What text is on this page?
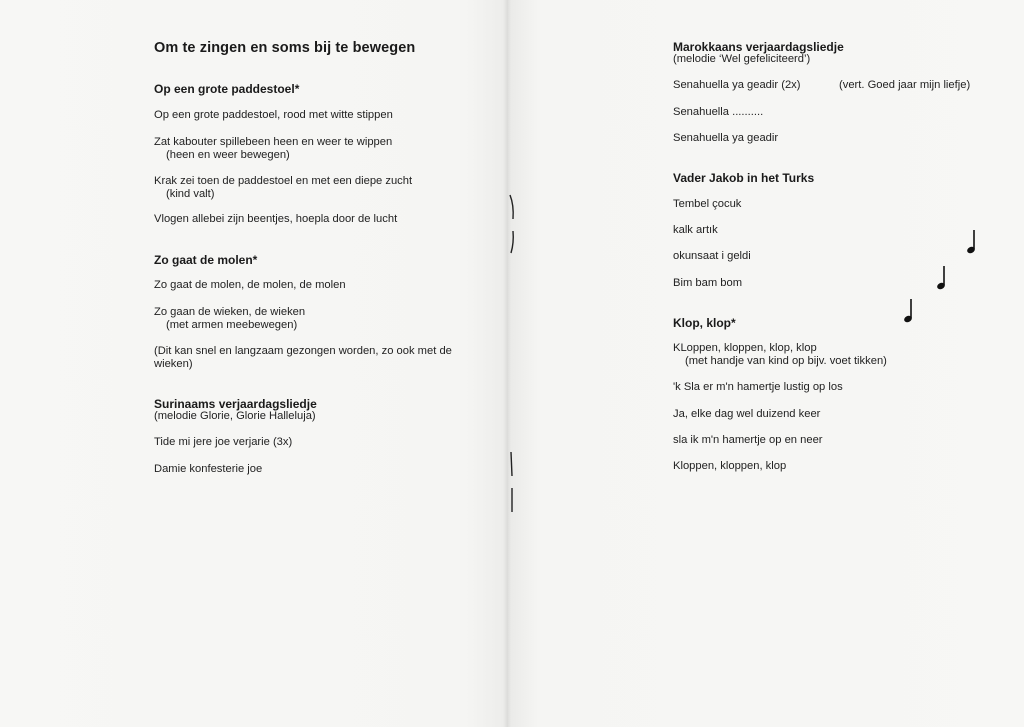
Om te zingen en soms bij te bewegen
Op een grote paddestoel*
Op een grote paddestoel, rood met witte stippen
Zat kabouter spillebeen heen en weer te wippen
(heen en weer bewegen)
Krak zei toen de paddestoel en met een diepe zucht
(kind valt)
Vlogen allebei zijn beentjes, hoepla door de lucht
Zo gaat de molen*
Zo gaat de molen, de molen, de molen
Zo gaan de wieken, de wieken
(met armen meebewegen)
(Dit kan snel en langzaam gezongen worden, zo ook met de
wieken)
Surinaams verjaardagsliedje
(melodie Glorie, Glorie Halleluja)
Tide mi jere joe verjarie (3x)
Damie konfesterie joe
Marokkaans verjaardagsliedje
(melodie ‘Wel gefeliciteerd’)
Senahuella ya geadir (2x)	(vert. Goed jaar mijn liefje)
Senahuella ..........
Senahuella ya geadir
Vader Jakob in het Turks
Tembel çocuk
kalk artık
okunsaat i geldi
Bim bam bom
Klop, klop*
KLoppen, kloppen, klop, klop
(met handje van kind op bijv. voet tikken)
'k Sla er m'n hamertje lustig op los
Ja, elke dag wel duizend keer
sla ik m'n hamertje op en neer
Kloppen, kloppen, klop
